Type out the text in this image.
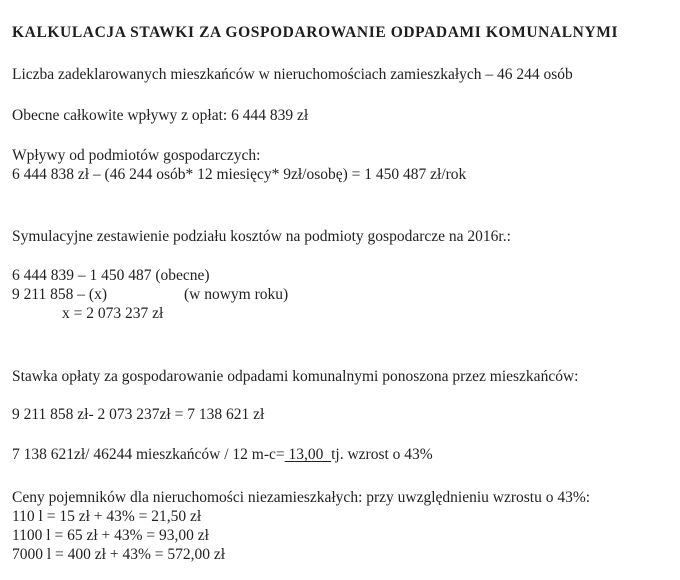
KALKULACJA STAWKI ZA GOSPODAROWANIE ODPADAMI KOMUNALNYMI
Liczba zadeklarowanych mieszkańców w nieruchomościach zamieszkałych – 46 244 osób
Obecne całkowite wpływy z opłat: 6 444 839 zł
Wpływy od podmiotów gospodarczych:
6 444 838 zł – (46 244 osób* 12 miesięcy* 9zł/osobę) = 1 450 487 zł/rok
Symulacyjne zestawienie podziału kosztów na podmioty gospodarcze na 2016r.:
6 444 839 – 1 450 487 (obecne)
9 211 858 – (x)	(w nowym roku)
x = 2 073 237 zł
Stawka opłaty za gospodarowanie odpadami komunalnymi ponoszona przez mieszkańców:
9 211 858 zł- 2 073 237zł = 7 138 621 zł
7 138 621zł/ 46244 mieszkańców / 12 m-c= 13,00  tj. wzrost o 43%
Ceny pojemników dla nieruchomości niezamieszkałych: przy uwzględnieniu wzrostu o 43%:
110 l = 15 zł + 43% = 21,50 zł
1100 l = 65 zł + 43% = 93,00 zł
7000 l = 400 zł + 43% = 572,00 zł
